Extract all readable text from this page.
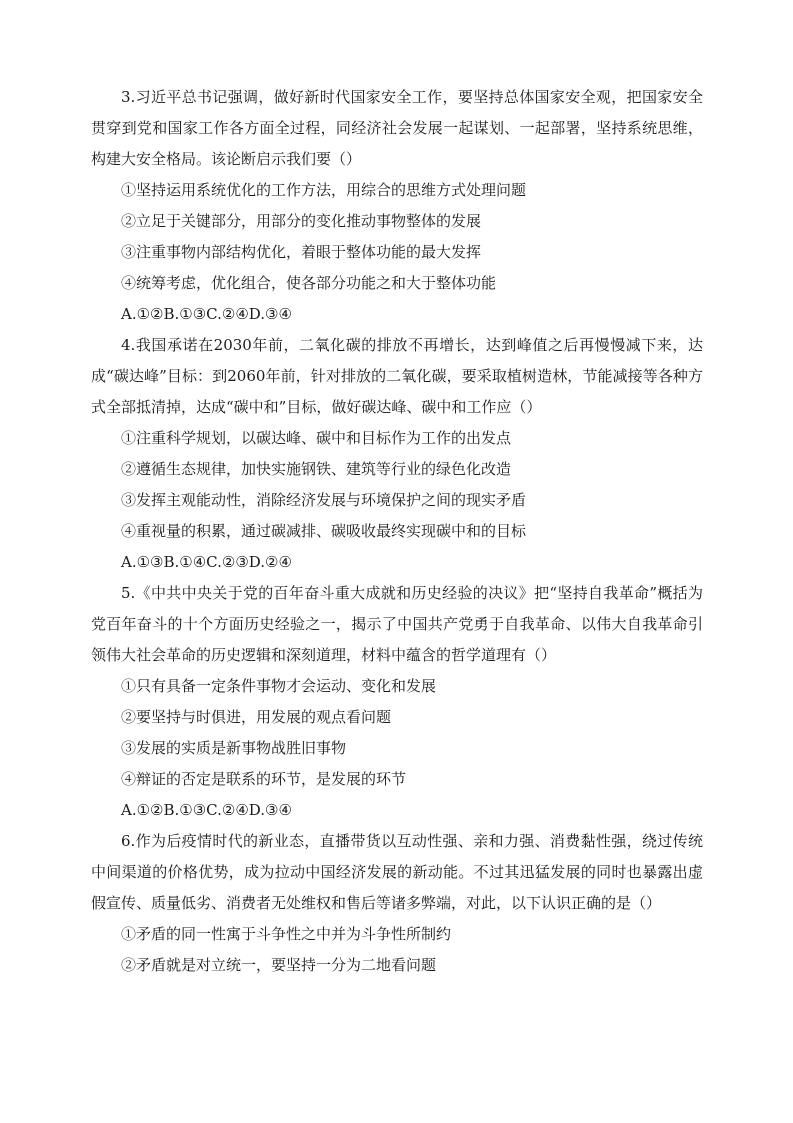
3.习近平总书记强调，做好新时代国家安全工作，要坚持总体国家安全观，把国家安全贯穿到党和国家工作各方面全过程，同经济社会发展一起谋划、一起部署，坚持系统思维，构建大安全格局。该论断启示我们要（）
①坚持运用系统优化的工作方法，用综合的思维方式处理问题
②立足于关键部分，用部分的变化推动事物整体的发展
③注重事物内部结构优化，着眼于整体功能的最大发挥
④统筹考虑，优化组合，使各部分功能之和大于整体功能
A.①②B.①③C.②④D.③④
4.我国承诺在2030年前，二氧化碳的排放不再增长，达到峰值之后再慢慢减下来，达成“碳达峰”目标：到2060年前，针对排放的二氧化碳，要采取植树造林，节能减接等各种方式全部抵清掉，达成“碳中和”目标，做好碳达峰、碳中和工作应（）
①注重科学规划，以碳达峰、碳中和目标作为工作的出发点
②遵循生态规律，加快实施钢铁、建筑等行业的绿色化改造
③发挥主观能动性，消除经济发展与环境保护之间的现实矛盾
④重视量的积累，通过碳减排、碳吸收最终实现碳中和的目标
A.①③B.①④C.②③D.②④
5.《中共中央关于党的百年奋斗重大成就和历史经验的决议》把“坚持自我革命”概括为党百年奋斗的十个方面历史经验之一，揭示了中国共产党勇于自我革命、以伟大自我革命引领伟大社会革命的历史逻辑和深刻道理，材料中蕴含的哲学道理有（）
①只有具备一定条件事物才会运动、变化和发展
②要坚持与时俱进，用发展的观点看问题
③发展的实质是新事物战胜旧事物
④辩证的否定是联系的环节，是发展的环节
A.①②B.①③C.②④D.③④
6.作为后疫情时代的新业态，直播带货以互动性强、亲和力强、消费黏性强，绕过传统中间渠道的价格优势，成为拉动中国经济发展的新动能。不过其迅猛发展的同时也暴露出虚假宣传、质量低劣、消费者无处维权和售后等诸多弊端，对此，以下认识正确的是（）
①矛盾的同一性寓于斗争性之中并为斗争性所制约
②矛盾就是对立统一，要坚持一分为二地看问题
